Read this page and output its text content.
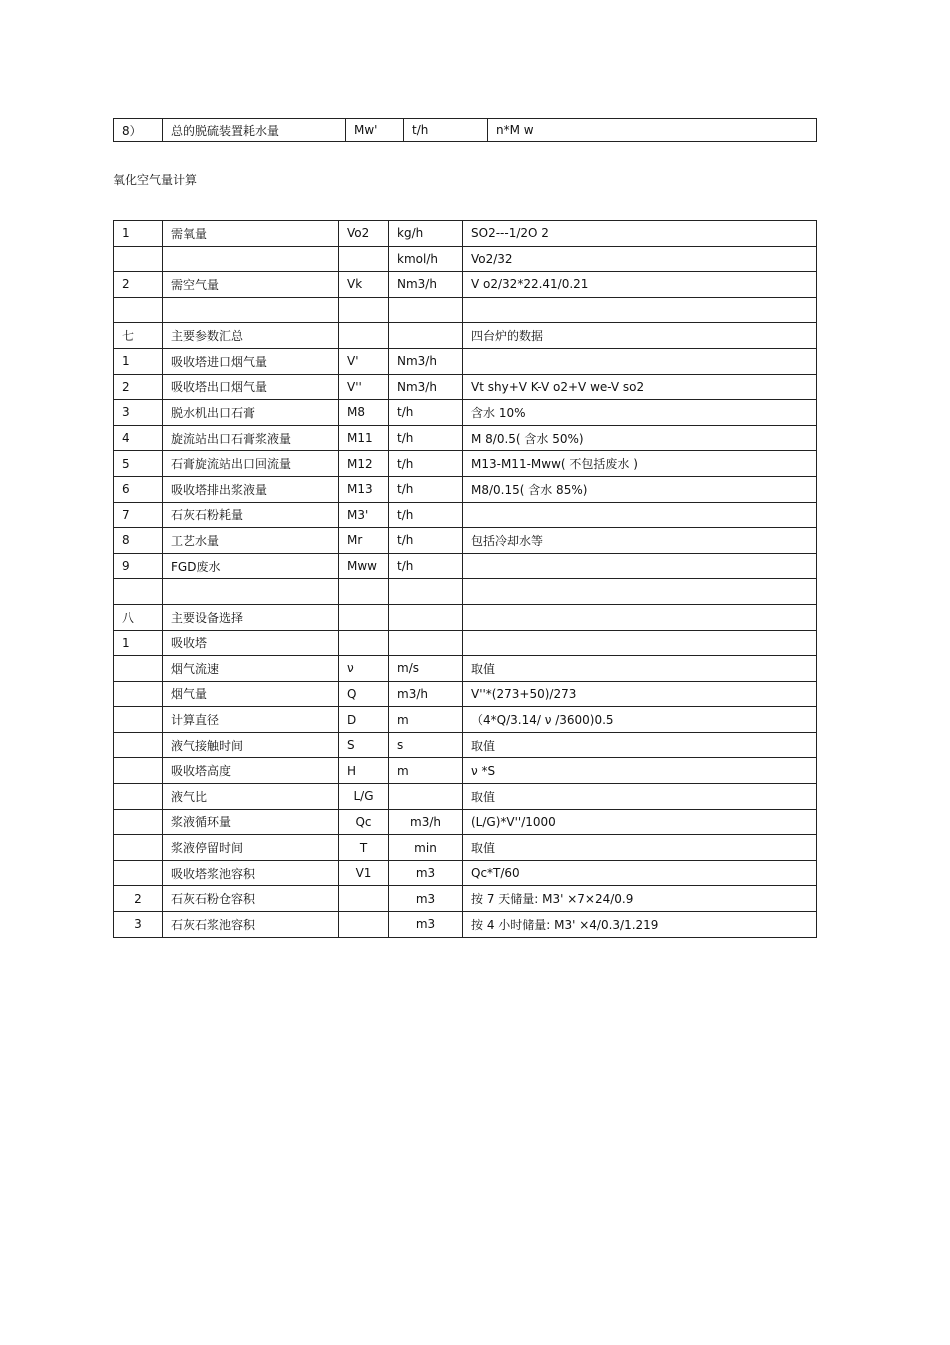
8）	总的脱硫装置耗水量	Mw'	t/h	n*M w
氧化空气量计算
1	需氧量	Vo2	kg/h	SO2---1/2O 2
			kmol/h	Vo2/32
2	需空气量	Vk	Nm3/h	V o2/32*22.41/0.21

七	主要参数汇总			四台炉的数据
1	吸收塔进口烟气量	V'	Nm3/h	
2	吸收塔出口烟气量	V''	Nm3/h	Vt shy+V K-V o2+V we-V so2
3	脱水机出口石膏	M8	t/h	含水 10%
4	旋流站出口石膏浆液量	M11	t/h	M 8/0.5( 含水 50%)
5	石膏旋流站出口回流量	M12	t/h	M13-M11-Mww( 不包括废水 )
6	吸收塔排出浆液量	M13	t/h	M8/0.15( 含水 85%)
7	石灰石粉耗量	M3'	t/h	
8	工艺水量	Mr	t/h	包括冷却水等
9	FGD废水	Mww	t/h	

八	主要设备选择			
1	吸收塔			
	烟气流速	ν	m/s	取值
	烟气量	Q	m3/h	V''*(273+50)/273
	计算直径	D	m	（4*Q/3.14/ ν /3600)0.5
	液气接触时间	S	s	取值
	吸收塔高度	H	m	ν *S
	液气比	L/G		取值
	浆液循环量	Qc	m3/h	(L/G)*V''/1000
	浆液停留时间	T	min	取值
	吸收塔浆池容积	V1	m3	Qc*T/60
2	石灰石粉仓容积		m3	按 7 天储量: M3' ×7×24/0.9
3	石灰石浆池容积		m3	按 4 小时储量: M3' ×4/0.3/1.219
